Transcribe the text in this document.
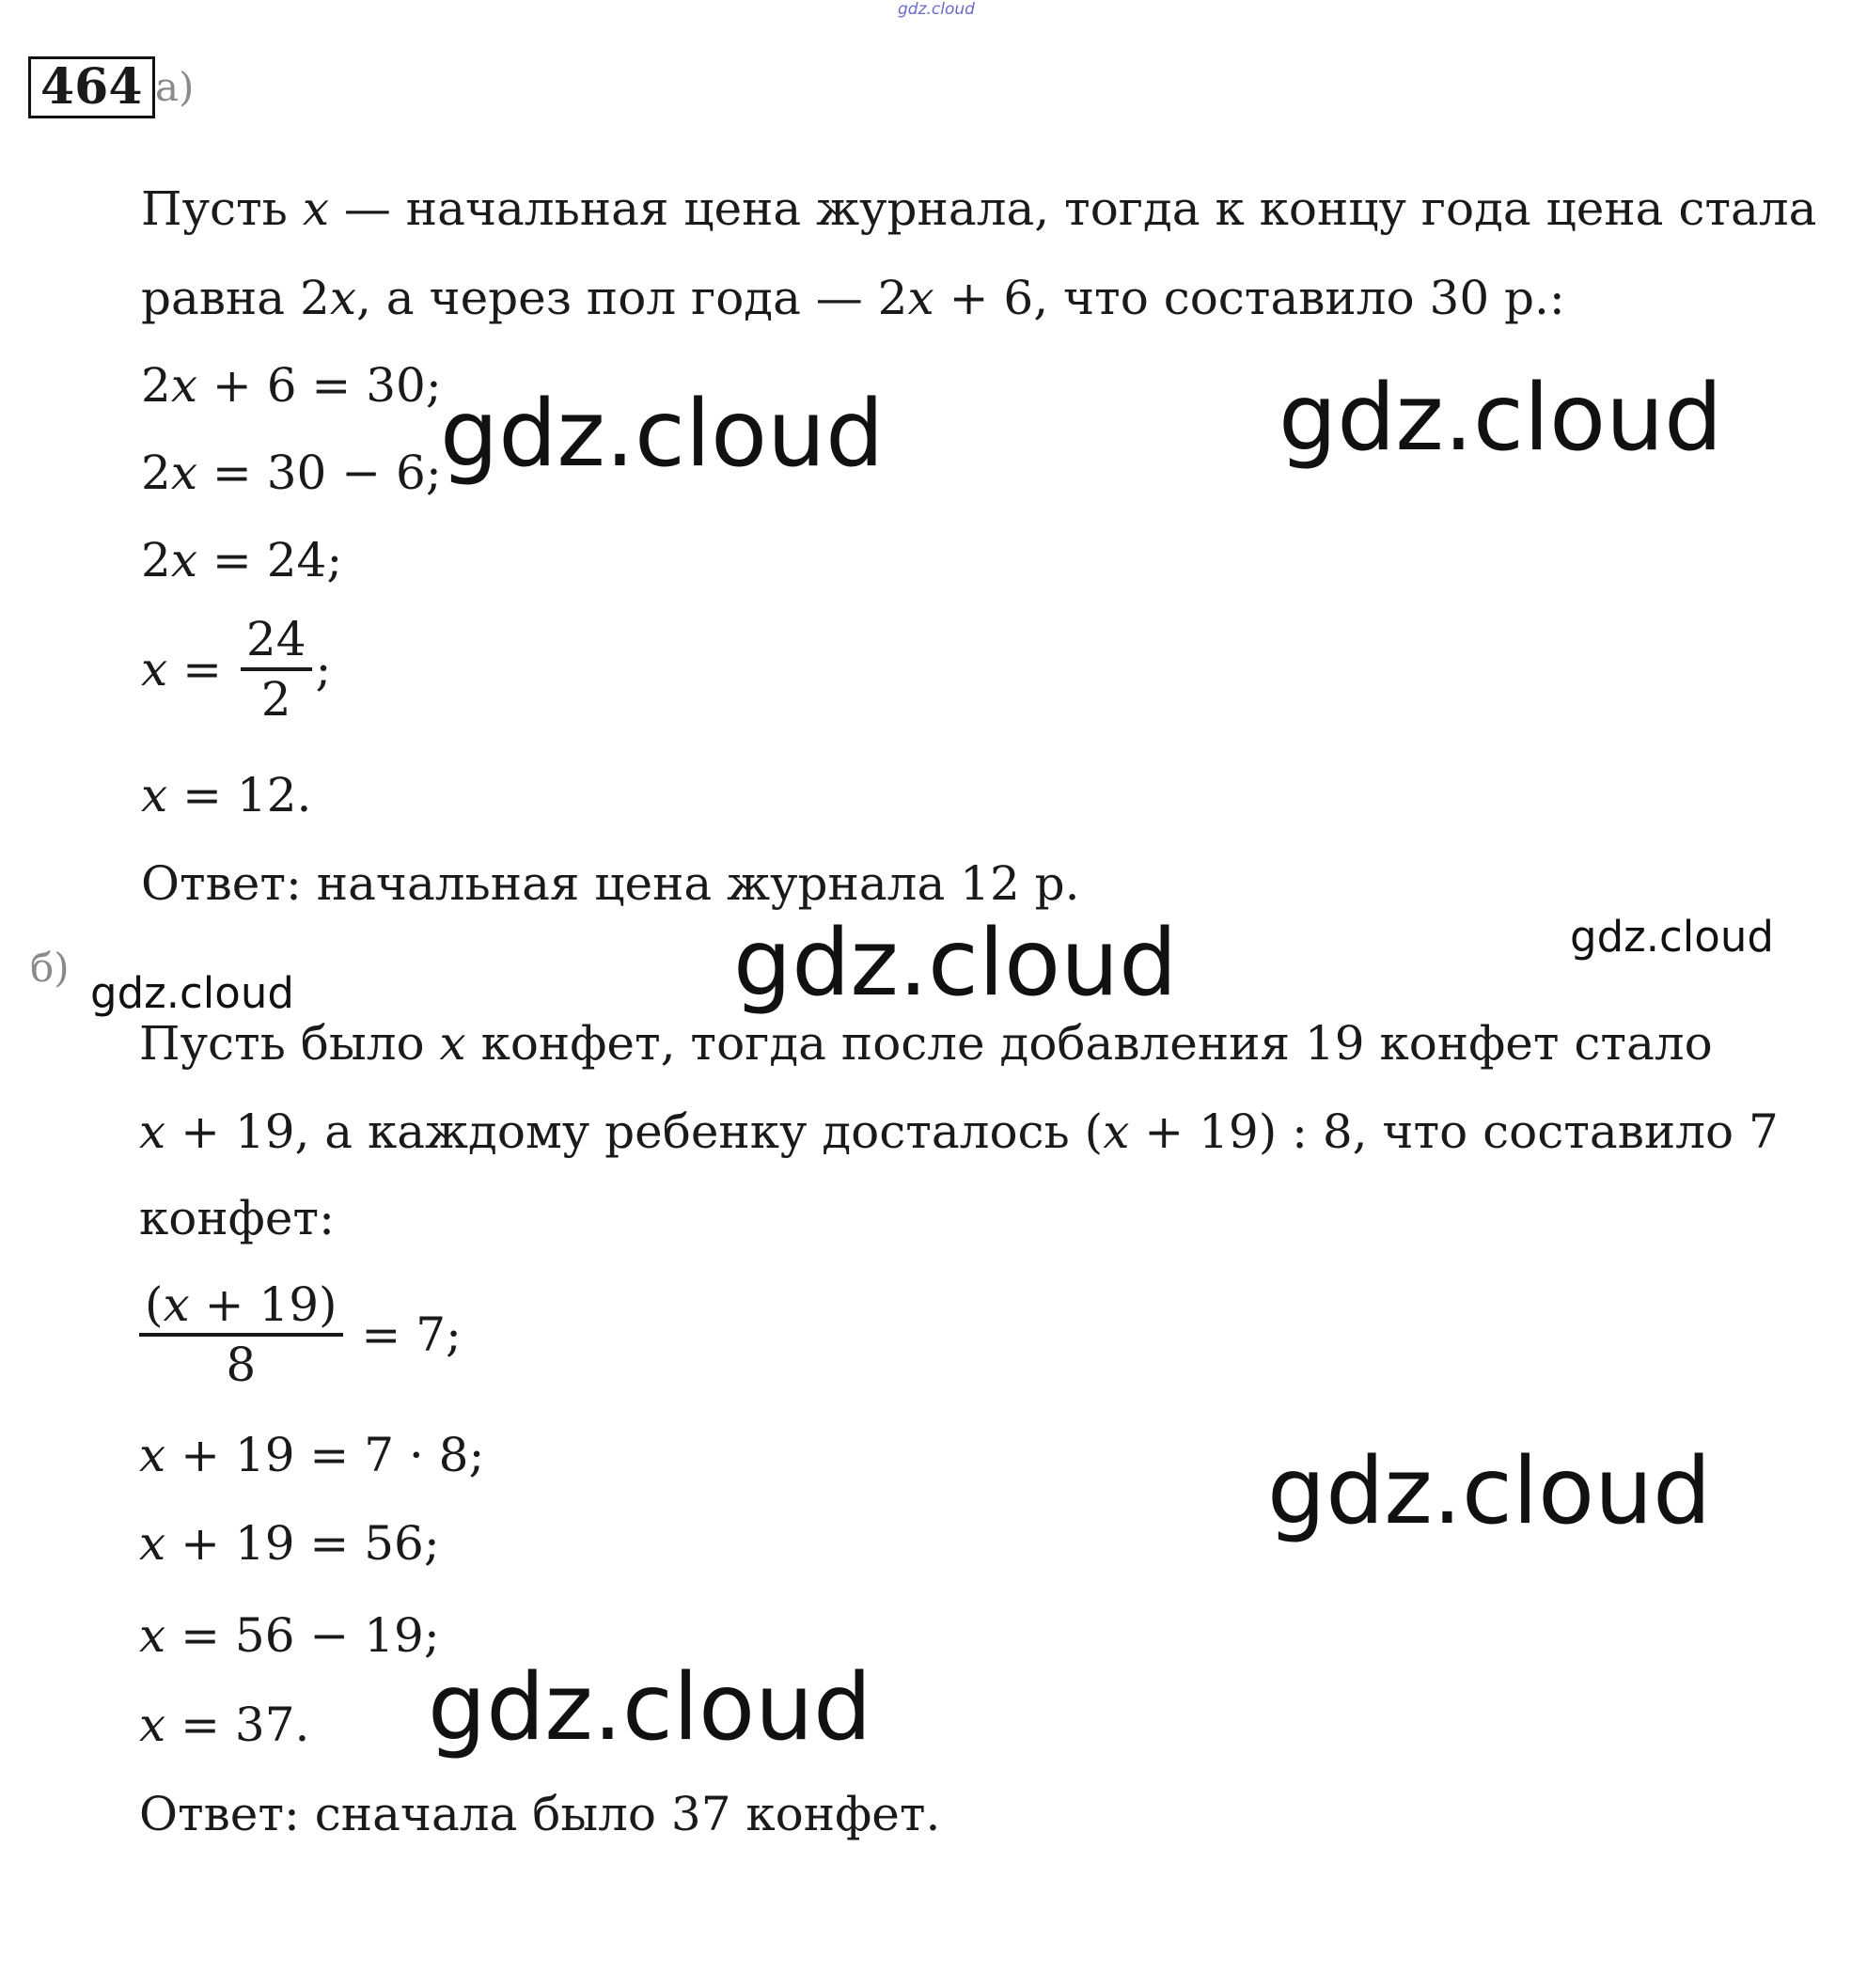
gdz.cloud
464 а)
Пусть x — начальная цена журнала, тогда к концу года цена стала
равна 2x, а через пол года — 2x + 6, что составило 30 р.:
2x + 6 = 30;
2x = 30 − 6;
2x = 24;
$x = \frac{24}{2}$ ;
x = 12.
Ответ: начальная цена журнала 12 р.
б)
Пусть было x конфет, тогда после добавления 19 конфет стало
x + 19, а каждому ребенку досталось (x + 19) : 8, что составило 7
конфет:
$\frac{(x + 19)}{8} = 7$;
x + 19 = 7 · 8;
x + 19 = 56;
x = 56 − 19;
x = 37.
Ответ: сначала было 37 конфет.
gdz.cloud	gdz.cloud
gdz.cloud	gdz.cloud
gdz.cloud
gdz.cloud
gdz.cloud
